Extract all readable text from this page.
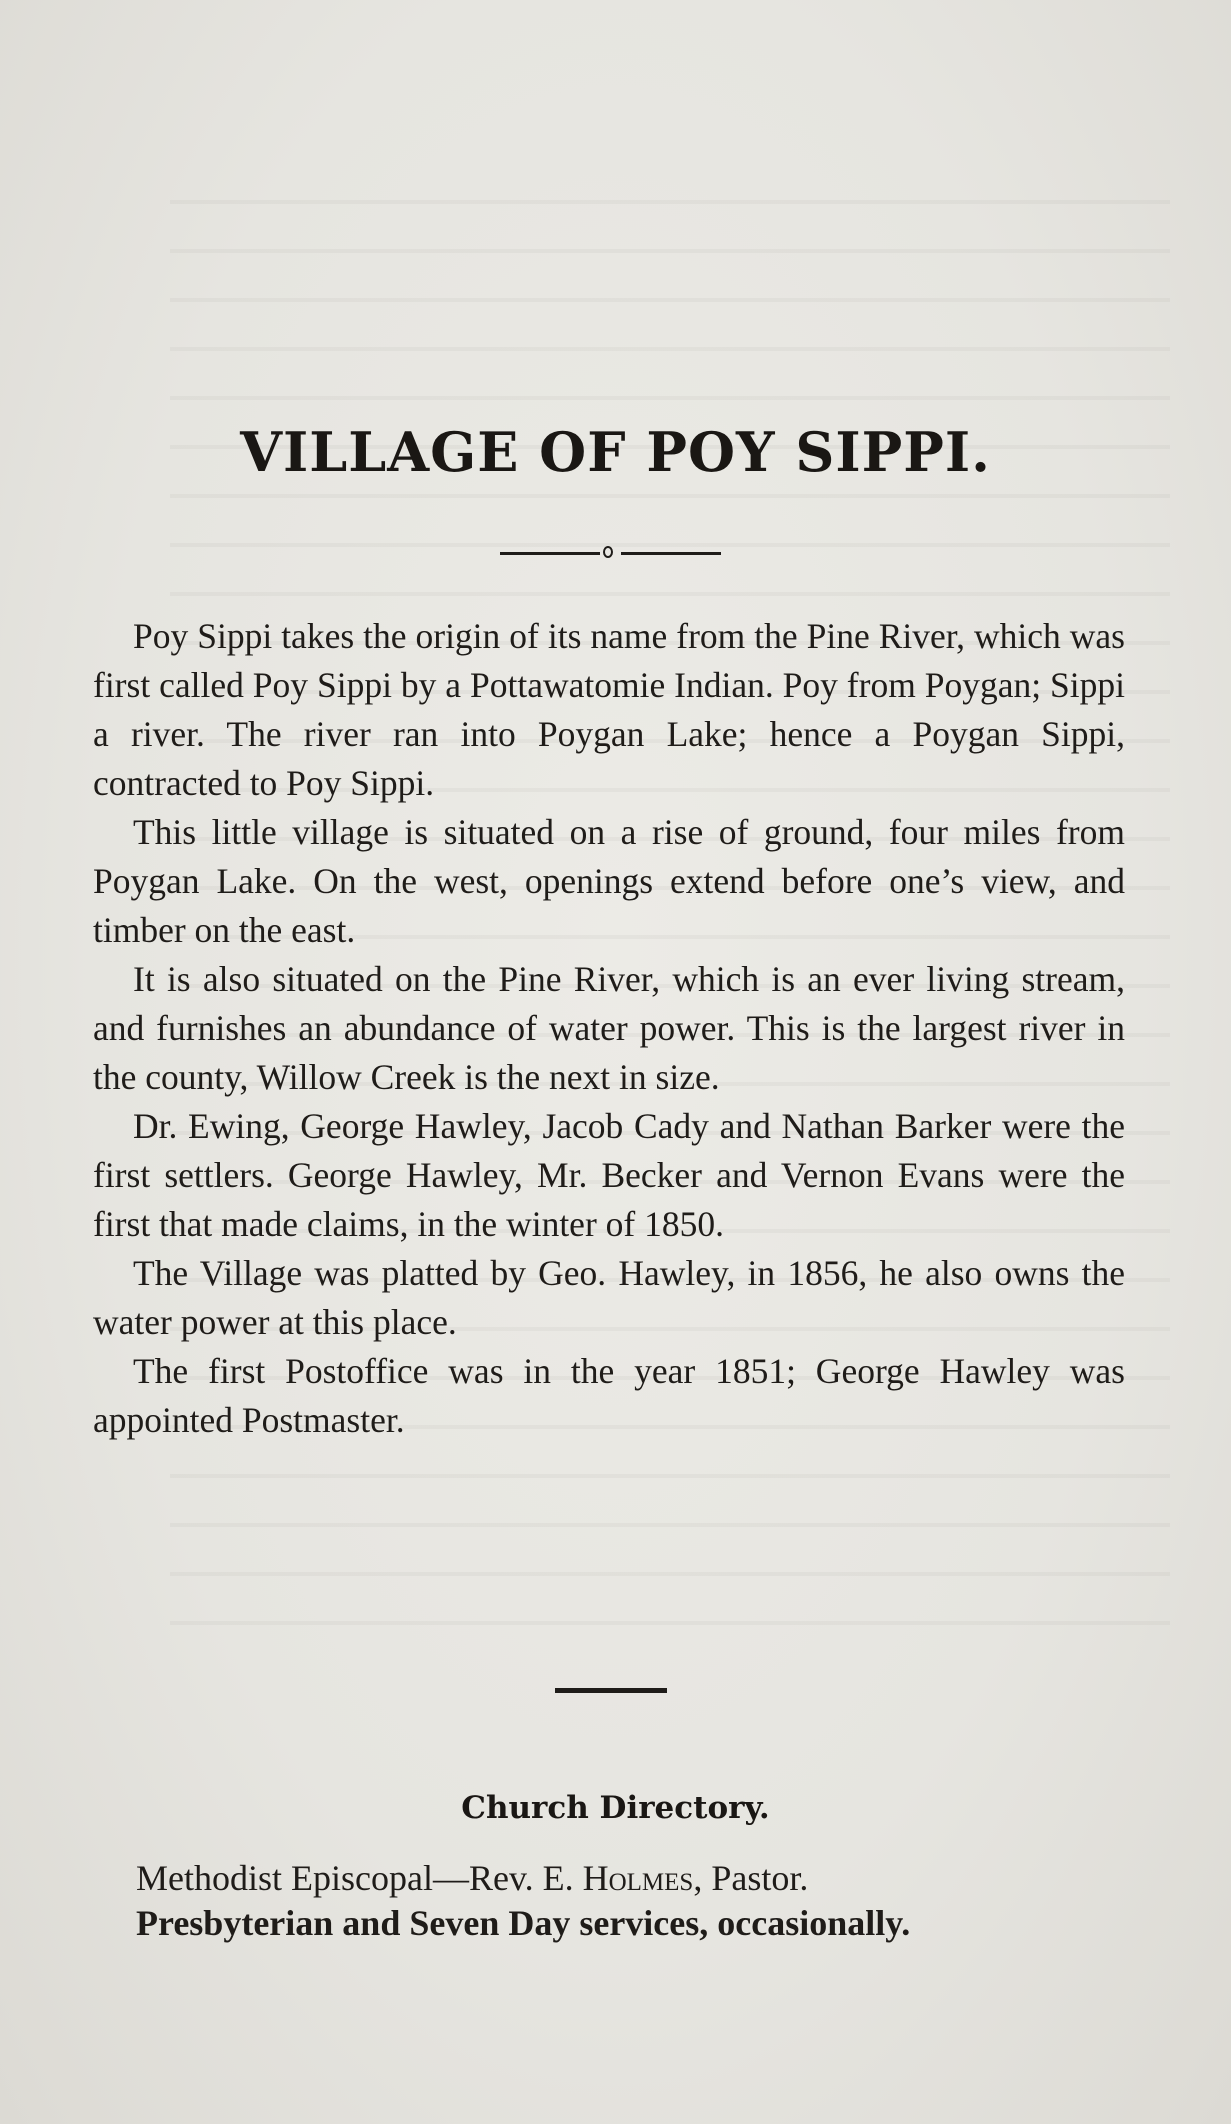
VILLAGE OF POY SIPPI.

Poy Sippi takes the origin of its name from the Pine River, which was first called Poy Sippi by a Pottawatomie Indian. Poy from Poygan; Sippi a river. The river ran into Poygan Lake; hence a Poygan Sippi, contracted to Poy Sippi.

This little village is situated on a rise of ground, four miles from Poygan Lake. On the west, openings extend before one’s view, and timber on the east.

It is also situated on the Pine River, which is an ever living stream, and furnishes an abundance of water power. This is the largest river in the county, Willow Creek is the next in size.

Dr. Ewing, George Hawley, Jacob Cady and Nathan Barker were the first settlers. George Hawley, Mr. Becker and Vernon Evans were the first that made claims, in the winter of 1850.

The Village was platted by Geo. Hawley, in 1856, he also owns the water power at this place.

The first Postoffice was in the year 1851; George Hawley was appointed Postmaster.

Church Directory.
Methodist Episcopal—Rev. E. Holmes, Pastor.
Presbyterian and Seven Day services, occasionally.
